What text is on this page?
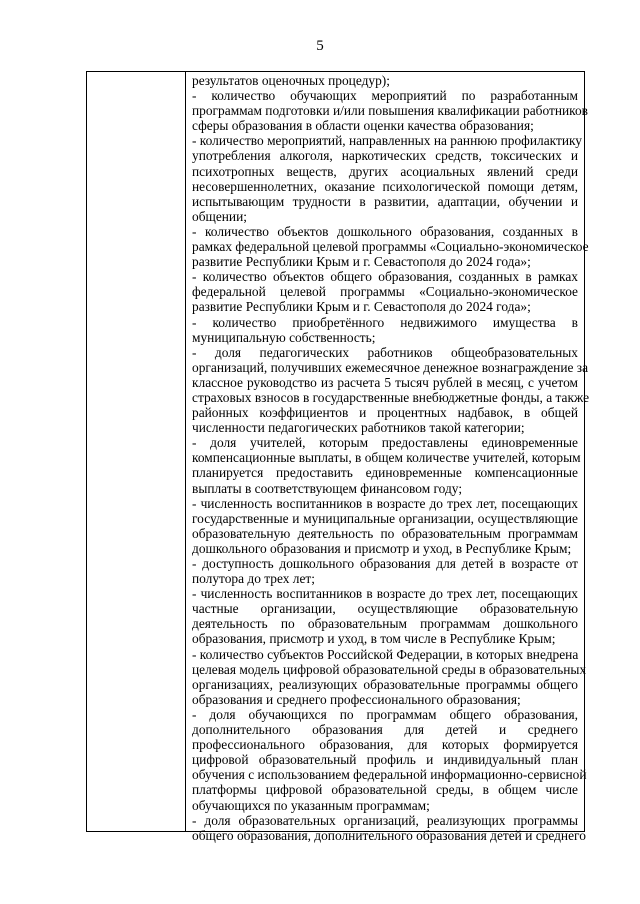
5
результатов оценочных процедур);
- количество обучающих мероприятий по разработанным
программам подготовки и/или повышения квалификации работников
сферы образования в области оценки качества образования;
- количество мероприятий, направленных на раннюю профилактику
употребления алкоголя, наркотических средств, токсических и
психотропных веществ, других асоциальных явлений среди
несовершеннолетних, оказание психологической помощи детям,
испытывающим трудности в развитии, адаптации, обучении и
общении;
- количество объектов дошкольного образования, созданных в
рамках федеральной целевой программы «Социально-экономическое
развитие Республики Крым и г. Севастополя до 2024 года»;
- количество объектов общего образования, созданных в рамках
федеральной целевой программы «Социально-экономическое
развитие Республики Крым и г. Севастополя до 2024 года»;
- количество приобретённого недвижимого имущества в
муниципальную собственность;
- доля педагогических работников общеобразовательных
организаций, получивших ежемесячное денежное вознаграждение за
классное руководство из расчета 5 тысяч рублей в месяц, с учетом
страховых взносов в государственные внебюджетные фонды, а также
районных коэффициентов и процентных надбавок, в общей
численности педагогических работников такой категории;
- доля учителей, которым предоставлены единовременные
компенсационные выплаты, в общем количестве учителей, которым
планируется предоставить единовременные компенсационные
выплаты в соответствующем финансовом году;
- численность воспитанников в возрасте до трех лет, посещающих
государственные и муниципальные организации, осуществляющие
образовательную деятельность по образовательным программам
дошкольного образования и присмотр и уход, в Республике Крым;
- доступность дошкольного образования для детей в возрасте от
полутора до трех лет;
- численность воспитанников в возрасте до трех лет, посещающих
частные организации, осуществляющие образовательную
деятельность по образовательным программам дошкольного
образования, присмотр и уход, в том числе в Республике Крым;
- количество субъектов Российской Федерации, в которых внедрена
целевая модель цифровой образовательной среды в образовательных
организациях, реализующих образовательные программы общего
образования и среднего профессионального образования;
- доля обучающихся по программам общего образования,
дополнительного образования для детей и среднего
профессионального образования, для которых формируется
цифровой образовательный профиль и индивидуальный план
обучения с использованием федеральной информационно-сервисной
платформы цифровой образовательной среды, в общем числе
обучающихся по указанным программам;
- доля образовательных организаций, реализующих программы
общего образования, дополнительного образования детей и среднего
